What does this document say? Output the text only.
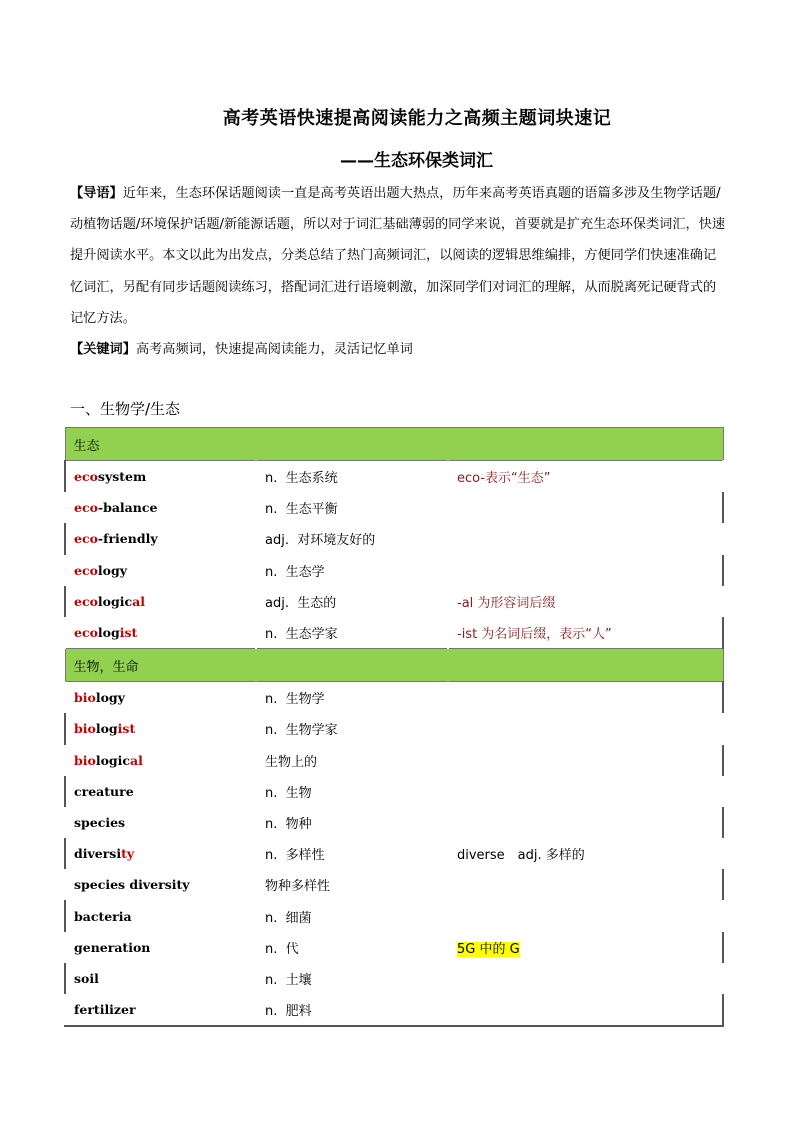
高考英语快速提高阅读能力之高频主题词块速记
——生态环保类词汇
【导语】近年来，生态环保话题阅读一直是高考英语出题大热点，历年来高考英语真题的语篇多涉及生物学话题/动植物话题/环境保护话题/新能源话题，所以对于词汇基础薄弱的同学来说，首要就是扩充生态环保类词汇，快速提升阅读水平。本文以此为出发点，分类总结了热门高频词汇，以阅读的逻辑思维编排，方便同学们快速准确记忆词汇，另配有同步话题阅读练习，搭配词汇进行语境刺激，加深同学们对词汇的理解，从而脱离死记硬背式的记忆方法。
【关键词】高考高频词，快速提高阅读能力，灵活记忆单词
一、生物学/生态
生态		
ecosystem	n. 生态系统	eco-表示“生态”
eco-balance	n. 生态平衡	
eco-friendly	adj. 对环境友好的	
ecology	n. 生态学	
ecological	adj. 生态的	-al 为形容词后缀
ecologist	n. 生态学家	-ist 为名词后缀，表示“人”
生物，生命		
biology	n. 生物学	
biologist	n. 生物学家	
biological	生物上的	
creature	n. 生物	
species	n. 物种	
diversity	n. 多样性	diverse　adj. 多样的
species diversity	物种多样性	
bacteria	n. 细菌	
generation	n. 代	5G 中的 G
soil	n. 土壤	
fertilizer	n. 肥料	
